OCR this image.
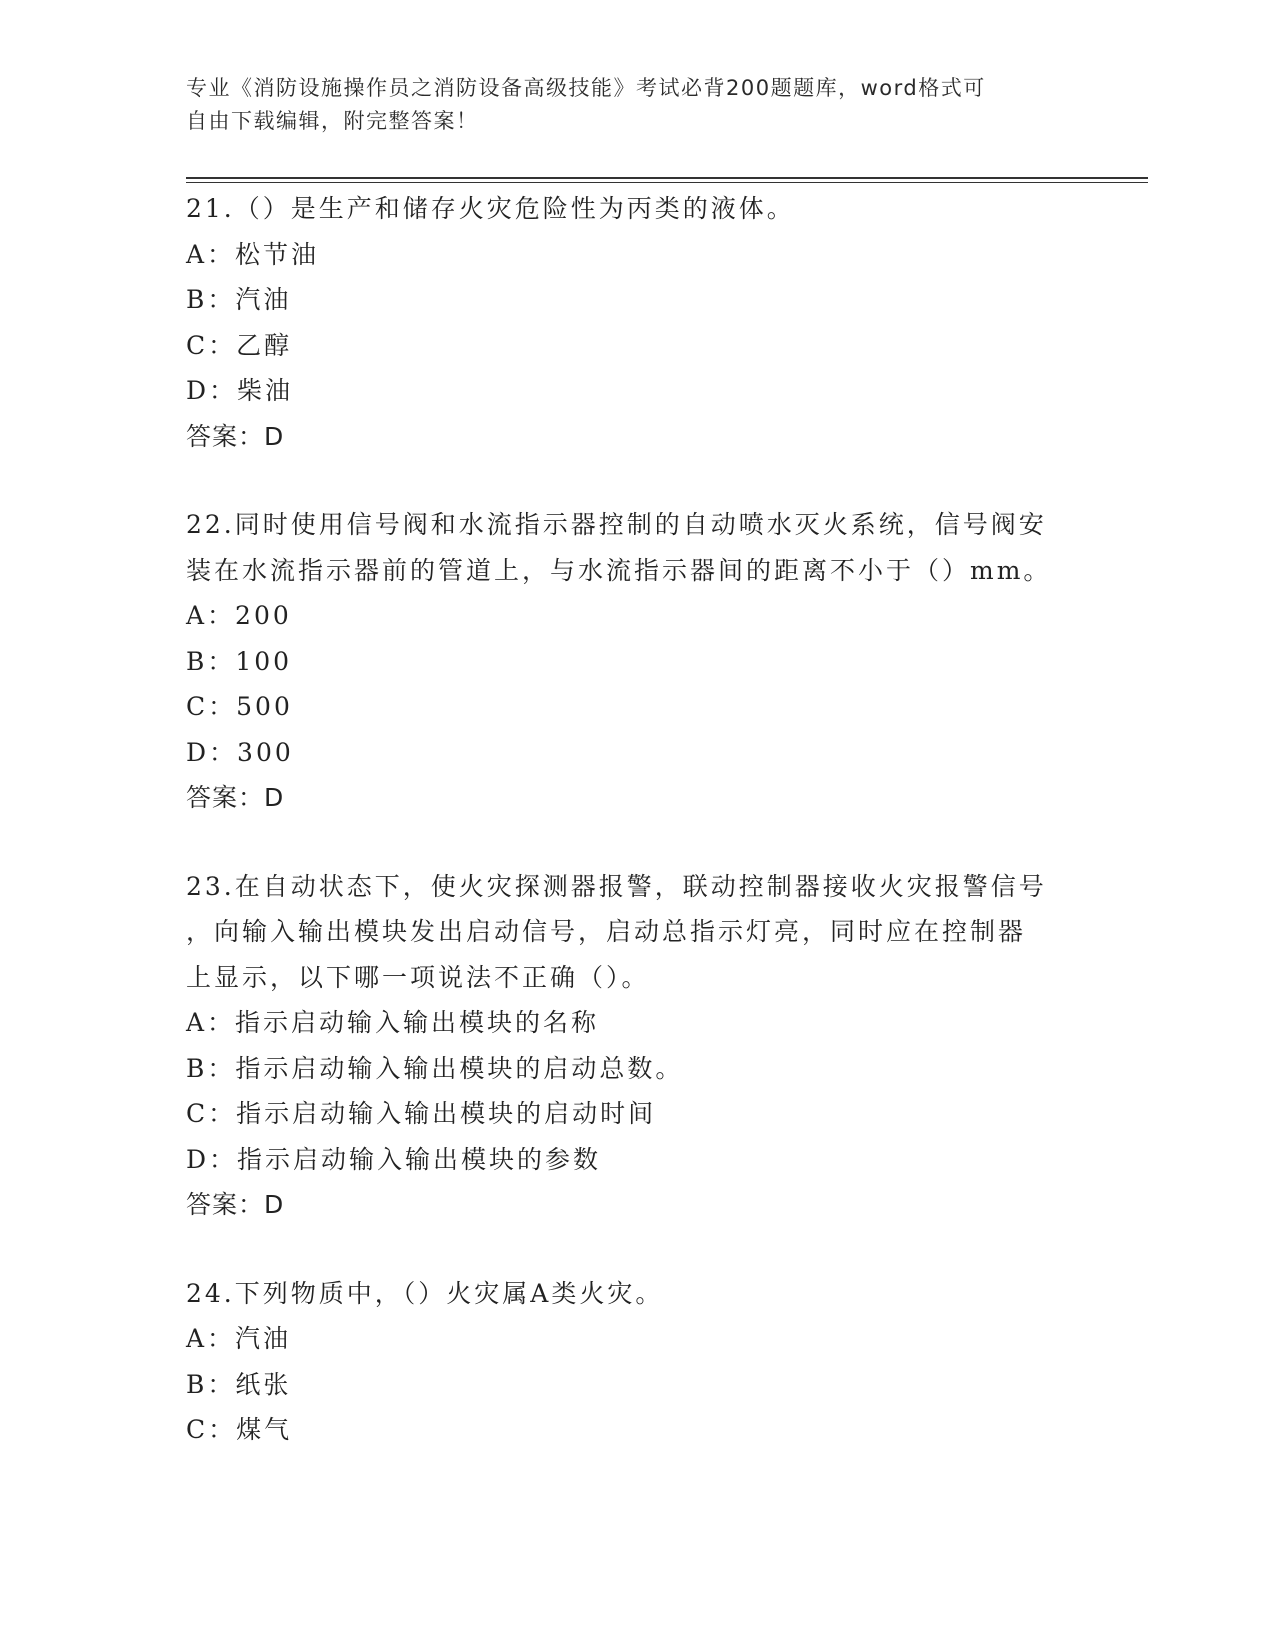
专业《消防设施操作员之消防设备高级技能》考试必背200题题库，word格式可
自由下载编辑，附完整答案！
21.（）是生产和储存火灾危险性为丙类的液体。
A：松节油
B：汽油
C：乙醇
D：柴油
答案：D
22.同时使用信号阀和水流指示器控制的自动喷水灭火系统，信号阀安
装在水流指示器前的管道上，与水流指示器间的距离不小于（）mm。
A：200
B：100
C：500
D：300
答案：D
23.在自动状态下，使火灾探测器报警，联动控制器接收火灾报警信号
，向输入输出模块发出启动信号，启动总指示灯亮，同时应在控制器
上显示，以下哪一项说法不正确（）。
A：指示启动输入输出模块的名称
B：指示启动输入输出模块的启动总数。
C：指示启动输入输出模块的启动时间
D：指示启动输入输出模块的参数
答案：D
24.下列物质中，（）火灾属A类火灾。
A：汽油
B：纸张
C：煤气
